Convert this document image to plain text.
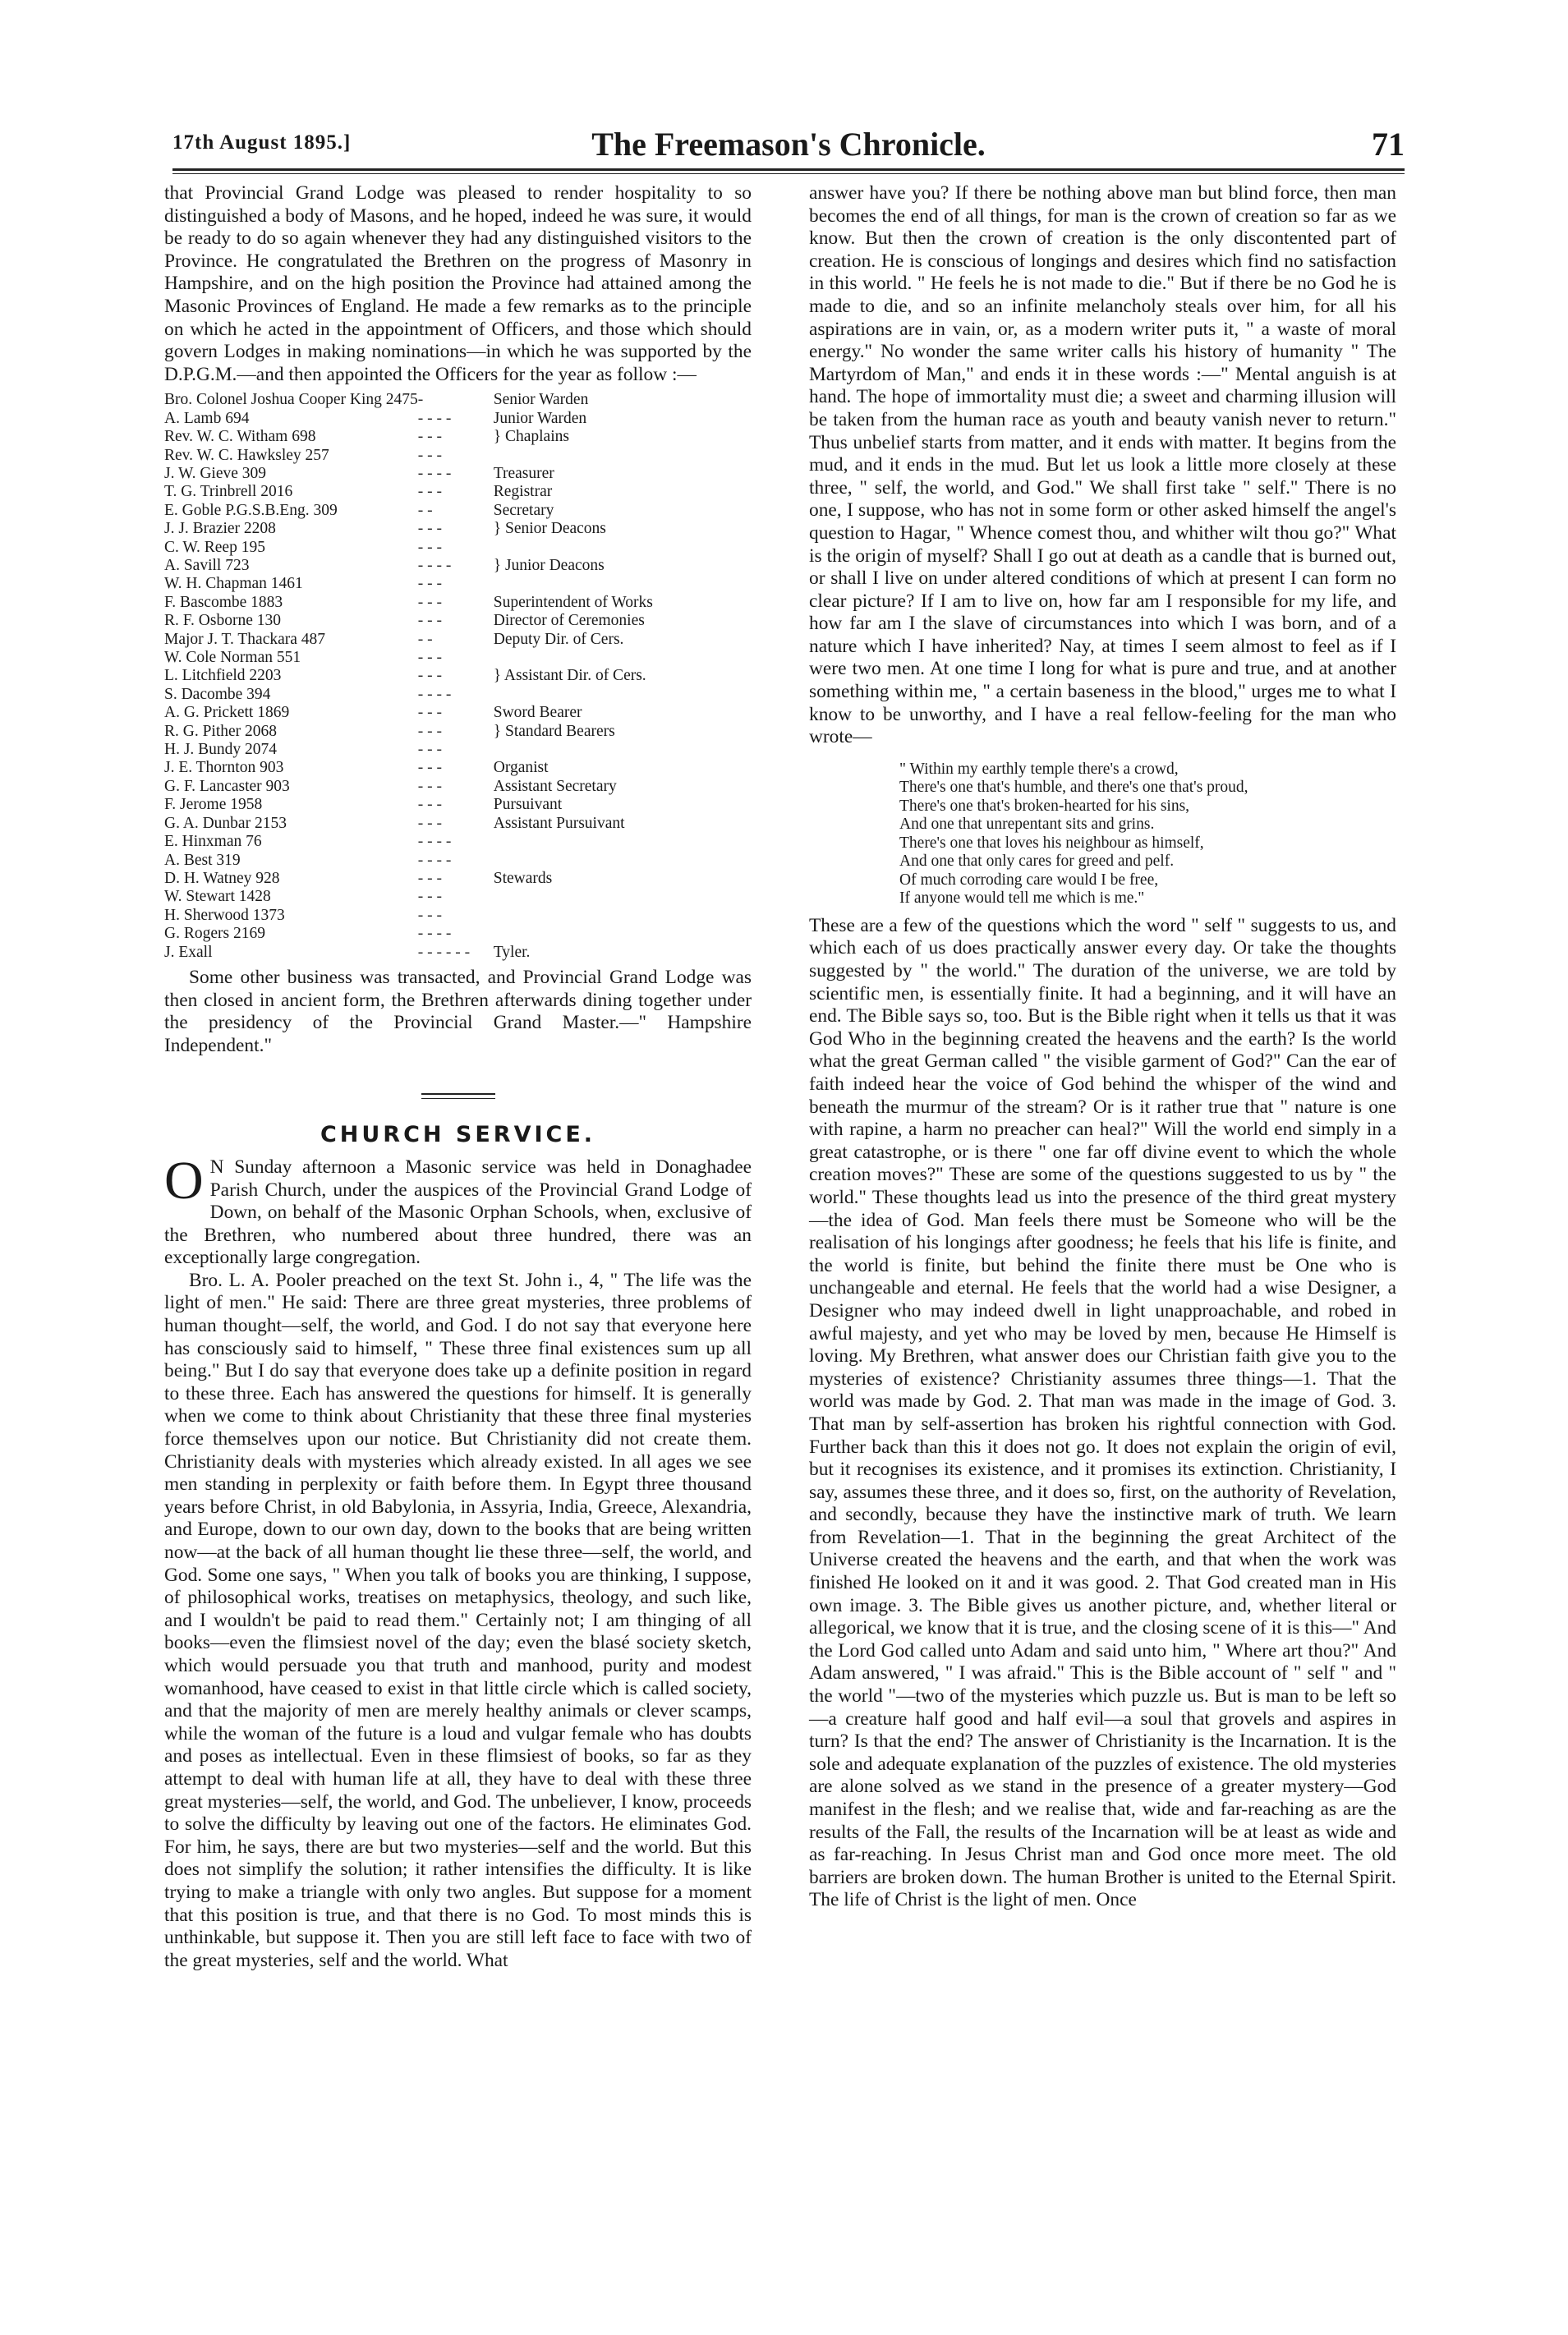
17th August 1895.]	The Freemason's Chronicle.	71

that Provincial Grand Lodge was pleased to render hospitality to so distinguished a body of Masons, and he hoped, indeed he was sure, it would be ready to do so again whenever they had any distinguished visitors to the Province. He congratulated the Brethren on the progress of Masonry in Hampshire, and on the high position the Province had attained among the Masonic Provinces of England. He made a few remarks as to the principle on which he acted in the appointment of Officers, and those which should govern Lodges in making nominations—in which he was supported by the D.P.G.M.—and then appointed the Officers for the year as follow :—

Bro. Colonel Joshua Cooper King 2475	-	Senior Warden
A. Lamb 694	- - - -	Junior Warden
Rev. W. C. Witham 698	- - -	} Chaplains
Rev. W. C. Hawksley 257	- - -	
J. W. Gieve 309	- - - -	Treasurer
T. G. Trinbrell 2016	- - -	Registrar
E. Goble P.G.S.B.Eng. 309	- -	Secretary
J. J. Brazier 2208	- - -	} Senior Deacons
C. W. Reep 195	- - -	
A. Savill 723	- - - -	} Junior Deacons
W. H. Chapman 1461	- - -	
F. Bascombe 1883	- - -	Superintendent of Works
R. F. Osborne 130	- - -	Director of Ceremonies
Major J. T. Thackara 487	- -	Deputy Dir. of Cers.
W. Cole Norman 551	- - -	
L. Litchfield 2203	- - -	} Assistant Dir. of Cers.
S. Dacombe 394	- - - -	
A. G. Prickett 1869	- - -	Sword Bearer
R. G. Pither 2068	- - -	} Standard Bearers
H. J. Bundy 2074	- - -	
J. E. Thornton 903	- - -	Organist
G. F. Lancaster 903	- - -	Assistant Secretary
F. Jerome 1958	- - -	Pursuivant
G. A. Dunbar 2153	- - -	Assistant Pursuivant
E. Hinxman 76	- - - -	
A. Best 319	- - - -	
D. H. Watney 928	- - -	Stewards
W. Stewart 1428	- - -	
H. Sherwood 1373	- - -	
G. Rogers 2169	- - - -	
J. Exall	- - - - - -	Tyler.

Some other business was transacted, and Provincial Grand Lodge was then closed in ancient form, the Brethren afterwards dining together under the presidency of the Provincial Grand Master.—" Hampshire Independent."

CHURCH SERVICE.

O N Sunday afternoon a Masonic service was held in Donaghadee Parish Church, under the auspices of the Provincial Grand Lodge of Down, on behalf of the Masonic Orphan Schools, when, exclusive of the Brethren, who numbered about three hundred, there was an exceptionally large congregation.

Bro. L. A. Pooler preached on the text St. John i., 4, " The life was the light of men." He said: There are three great mysteries, three problems of human thought—self, the world, and God. I do not say that everyone here has consciously said to himself, " These three final existences sum up all being." But I do say that everyone does take up a definite position in regard to these three. Each has answered the questions for himself. It is generally when we come to think about Christianity that these three final mysteries force themselves upon our notice. But Christianity did not create them. Christianity deals with mysteries which already existed. In all ages we see men standing in perplexity or faith before them. In Egypt three thousand years before Christ, in old Babylonia, in Assyria, India, Greece, Alexandria, and Europe, down to our own day, down to the books that are being written now—at the back of all human thought lie these three—self, the world, and God. Some one says, " When you talk of books you are thinking, I suppose, of philosophical works, treatises on metaphysics, theology, and such like, and I wouldn't be paid to read them." Certainly not; I am thinging of all books—even the flimsiest novel of the day; even the blasé society sketch, which would persuade you that truth and manhood, purity and modest womanhood, have ceased to exist in that little circle which is called society, and that the majority of men are merely healthy animals or clever scamps, while the woman of the future is a loud and vulgar female who has doubts and poses as intellectual. Even in these flimsiest of books, so far as they attempt to deal with human life at all, they have to deal with these three great mysteries—self, the world, and God. The unbeliever, I know, proceeds to solve the difficulty by leaving out one of the factors. He eliminates God. For him, he says, there are but two mysteries—self and the world. But this does not simplify the solution; it rather intensifies the difficulty. It is like trying to make a triangle with only two angles. But suppose for a moment that this position is true, and that there is no God. To most minds this is unthinkable, but suppose it. Then you are still left face to face with two of the great mysteries, self and the world. What

answer have you? If there be nothing above man but blind force, then man becomes the end of all things, for man is the crown of creation so far as we know. But then the crown of creation is the only discontented part of creation. He is conscious of longings and desires which find no satisfaction in this world. " He feels he is not made to die." But if there be no God he is made to die, and so an infinite melancholy steals over him, for all his aspirations are in vain, or, as a modern writer puts it, " a waste of moral energy." No wonder the same writer calls his history of humanity " The Martyrdom of Man," and ends it in these words :—" Mental anguish is at hand. The hope of immortality must die; a sweet and charming illusion will be taken from the human race as youth and beauty vanish never to return." Thus unbelief starts from matter, and it ends with matter. It begins from the mud, and it ends in the mud. But let us look a little more closely at these three, " self, the world, and God." We shall first take " self." There is no one, I suppose, who has not in some form or other asked himself the angel's question to Hagar, " Whence comest thou, and whither wilt thou go?" What is the origin of myself? Shall I go out at death as a candle that is burned out, or shall I live on under altered conditions of which at present I can form no clear picture? If I am to live on, how far am I responsible for my life, and how far am I the slave of circumstances into which I was born, and of a nature which I have inherited? Nay, at times I seem almost to feel as if I were two men. At one time I long for what is pure and true, and at another something within me, " a certain baseness in the blood," urges me to what I know to be unworthy, and I have a real fellow-feeling for the man who wrote—

" Within my earthly temple there's a crowd,
There's one that's humble, and there's one that's proud,
There's one that's broken-hearted for his sins,
And one that unrepentant sits and grins.
There's one that loves his neighbour as himself,
And one that only cares for greed and pelf.
Of much corroding care would I be free,
If anyone would tell me which is me."

These are a few of the questions which the word " self " suggests to us, and which each of us does practically answer every day. Or take the thoughts suggested by " the world." The duration of the universe, we are told by scientific men, is essentially finite. It had a beginning, and it will have an end. The Bible says so, too. But is the Bible right when it tells us that it was God Who in the beginning created the heavens and the earth? Is the world what the great German called " the visible garment of God?" Can the ear of faith indeed hear the voice of God behind the whisper of the wind and beneath the murmur of the stream? Or is it rather true that " nature is one with rapine, a harm no preacher can heal?" Will the world end simply in a great catastrophe, or is there " one far off divine event to which the whole creation moves?" These are some of the questions suggested to us by " the world." These thoughts lead us into the presence of the third great mystery—the idea of God. Man feels there must be Someone who will be the realisation of his longings after goodness; he feels that his life is finite, and the world is finite, but behind the finite there must be One who is unchangeable and eternal. He feels that the world had a wise Designer, a Designer who may indeed dwell in light unapproachable, and robed in awful majesty, and yet who may be loved by men, because He Himself is loving. My Brethren, what answer does our Christian faith give you to the mysteries of existence? Christianity assumes three things—1. That the world was made by God. 2. That man was made in the image of God. 3. That man by self-assertion has broken his rightful connection with God. Further back than this it does not go. It does not explain the origin of evil, but it recognises its existence, and it promises its extinction. Christianity, I say, assumes these three, and it does so, first, on the authority of Revelation, and secondly, because they have the instinctive mark of truth. We learn from Revelation—1. That in the beginning the great Architect of the Universe created the heavens and the earth, and that when the work was finished He looked on it and it was good. 2. That God created man in His own image. 3. The Bible gives us another picture, and, whether literal or allegorical, we know that it is true, and the closing scene of it is this—" And the Lord God called unto Adam and said unto him, " Where art thou?" And Adam answered, " I was afraid." This is the Bible account of " self " and " the world "—two of the mysteries which puzzle us. But is man to be left so—a creature half good and half evil—a soul that grovels and aspires in turn? Is that the end? The answer of Christianity is the Incarnation. It is the sole and adequate explanation of the puzzles of existence. The old mysteries are alone solved as we stand in the presence of a greater mystery—God manifest in the flesh; and we realise that, wide and far-reaching as are the results of the Fall, the results of the Incarnation will be at least as wide and as far-reaching. In Jesus Christ man and God once more meet. The old barriers are broken down. The human Brother is united to the Eternal Spirit. The life of Christ is the light of men. Once
